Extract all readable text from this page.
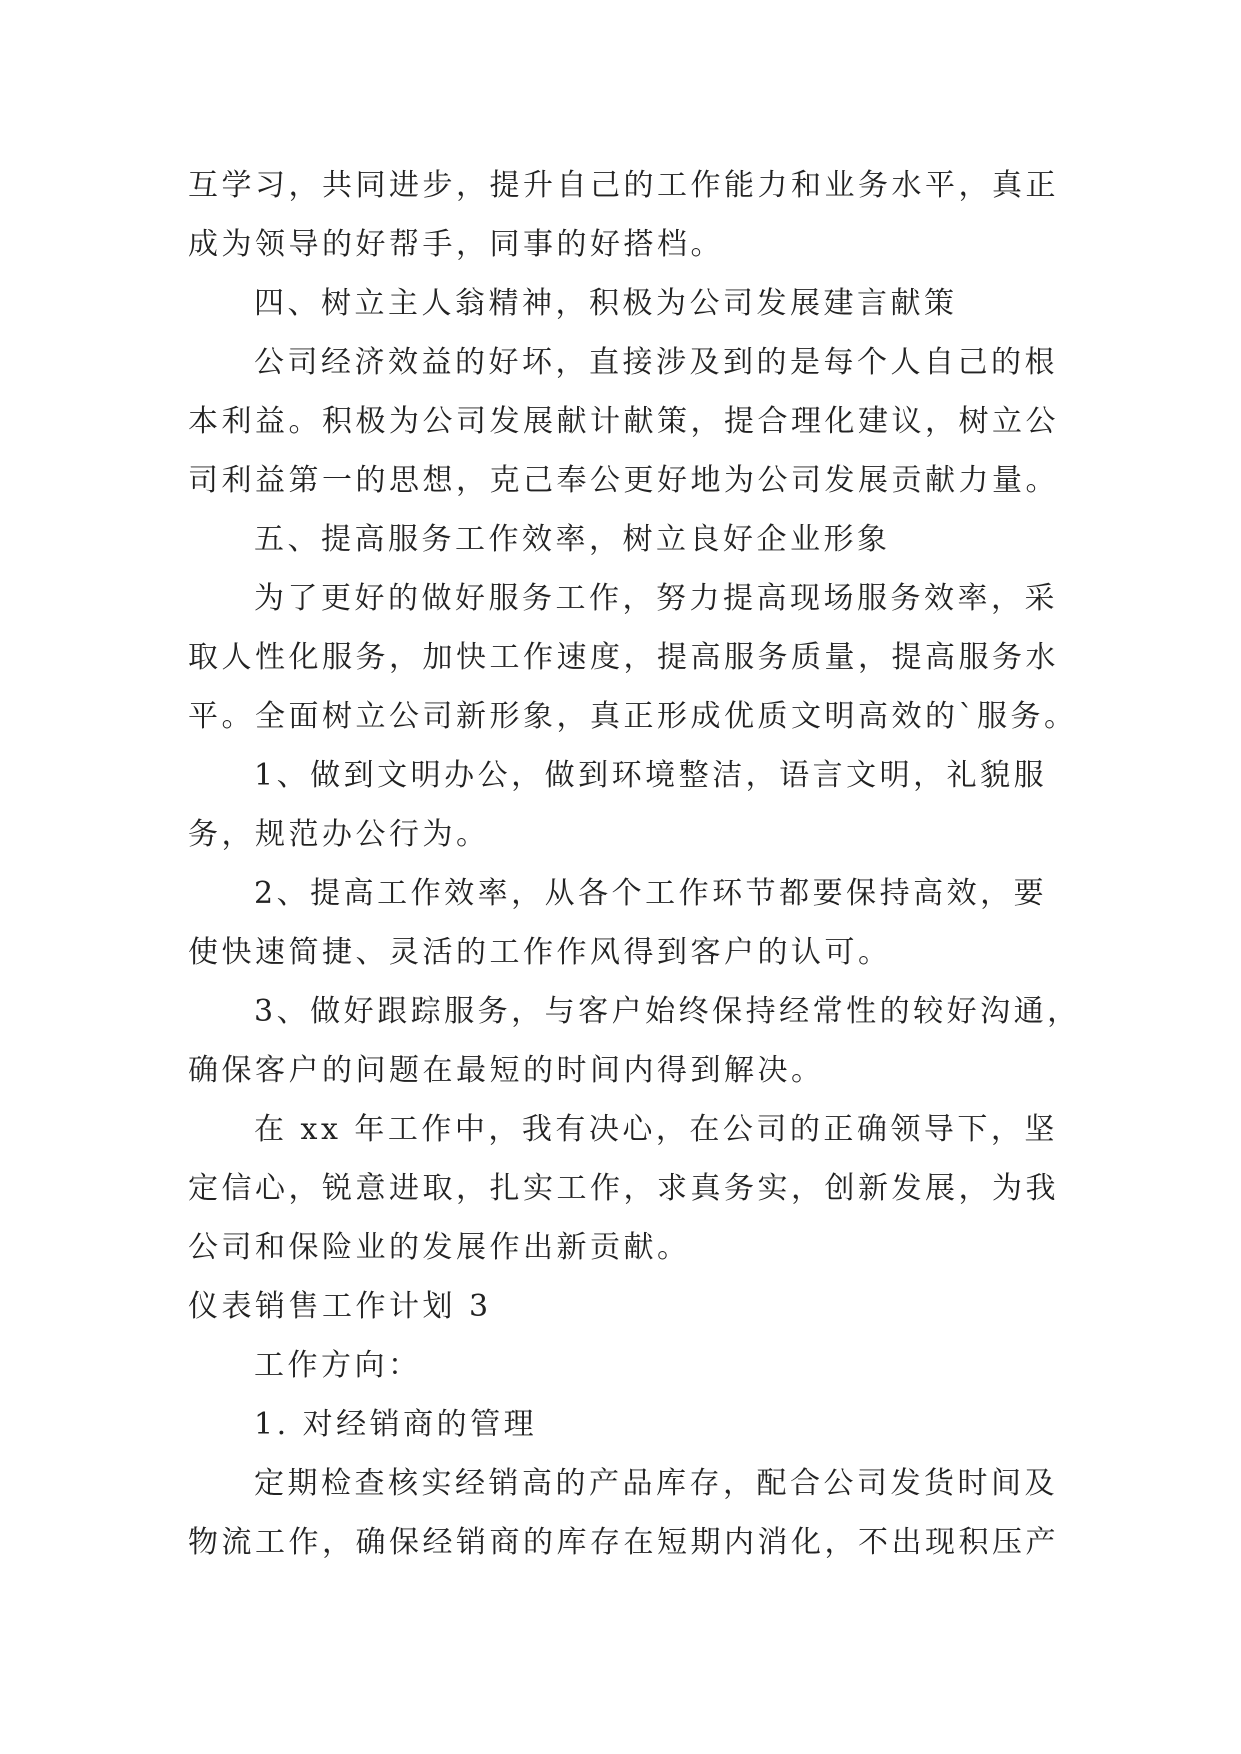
互学习，共同进步，提升自己的工作能力和业务水平，真正
成为领导的好帮手，同事的好搭档。
四、树立主人翁精神，积极为公司发展建言献策
公司经济效益的好坏，直接涉及到的是每个人自己的根
本利益。积极为公司发展献计献策，提合理化建议，树立公
司利益第一的思想，克己奉公更好地为公司发展贡献力量。
五、提高服务工作效率，树立良好企业形象
为了更好的做好服务工作，努力提高现场服务效率，采
取人性化服务，加快工作速度，提高服务质量，提高服务水
平。全面树立公司新形象，真正形成优质文明高效的`服务。
1、做到文明办公，做到环境整洁，语言文明，礼貌服
务，规范办公行为。
2、提高工作效率，从各个工作环节都要保持高效，要
使快速简捷、灵活的工作作风得到客户的认可。
3、做好跟踪服务，与客户始终保持经常性的较好沟通，
确保客户的问题在最短的时间内得到解决。
在 xx 年工作中，我有决心，在公司的正确领导下，坚
定信心，锐意进取，扎实工作，求真务实，创新发展，为我
公司和保险业的发展作出新贡献。
仪表销售工作计划 3
工作方向：
1. 对经销商的管理
定期检查核实经销高的产品库存，配合公司发货时间及
物流工作，确保经销商的库存在短期内消化，不出现积压产
